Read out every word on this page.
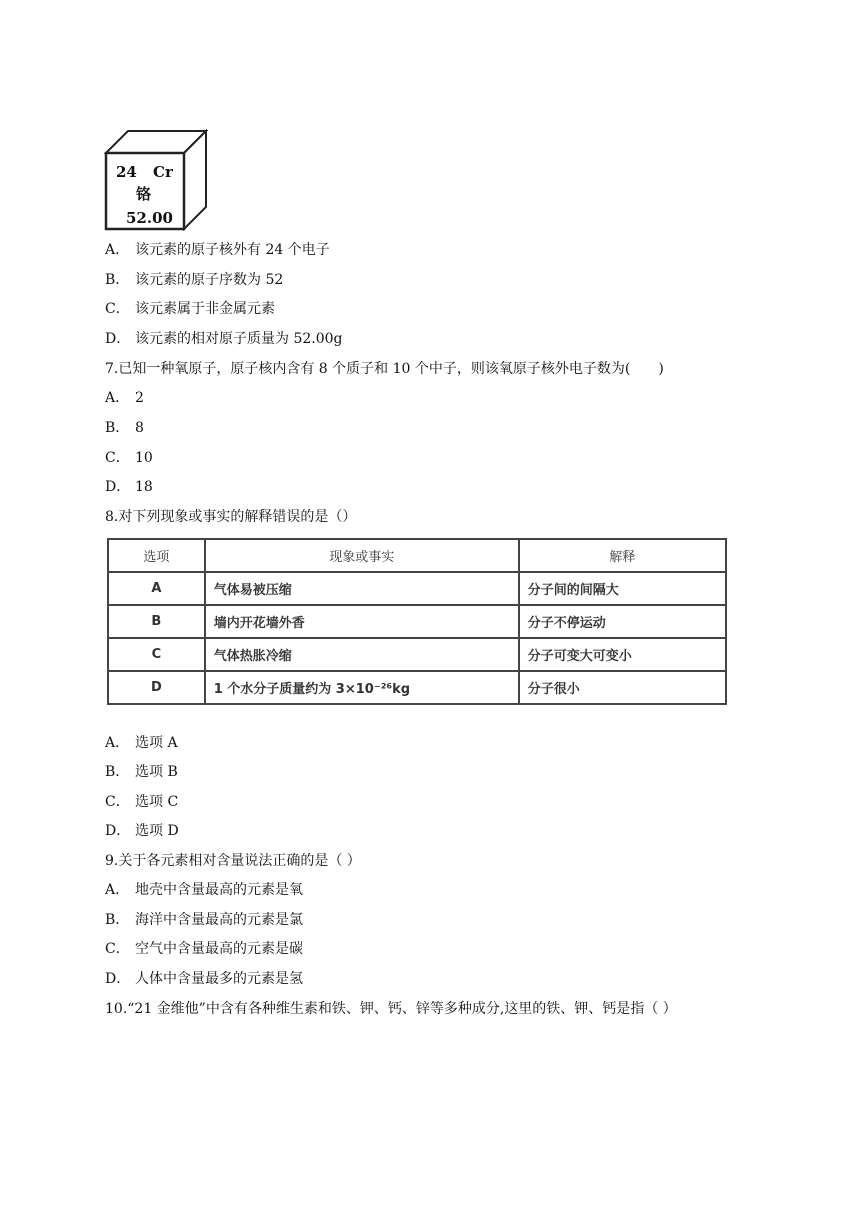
24 Cr
铬
52.00
A． 该元素的原子核外有 24 个电子
B． 该元素的原子序数为 52
C． 该元素属于非金属元素
D． 该元素的相对原子质量为 52.00g
7.已知一种氧原子，原子核内含有 8 个质子和 10 个中子，则该氧原子核外电子数为(　　)
A． 2
B． 8
C． 10
D． 18
8.对下列现象或事实的解释错误的是（）
选项	现象或事实	解释
A	气体易被压缩	分子间的间隔大
B	墙内开花墙外香	分子不停运动
C	气体热胀冷缩	分子可变大可变小
D	1 个水分子质量约为 3×10⁻²⁶kg	分子很小
A． 选项 A
B． 选项 B
C． 选项 C
D． 选项 D
9.关于各元素相对含量说法正确的是（ ）
A． 地壳中含量最高的元素是氧
B． 海洋中含量最高的元素是氯
C． 空气中含量最高的元素是碳
D． 人体中含量最多的元素是氢
10.“21 金维他”中含有各种维生素和铁、钾、钙、锌等多种成分,这里的铁、钾、钙是指（ ）
